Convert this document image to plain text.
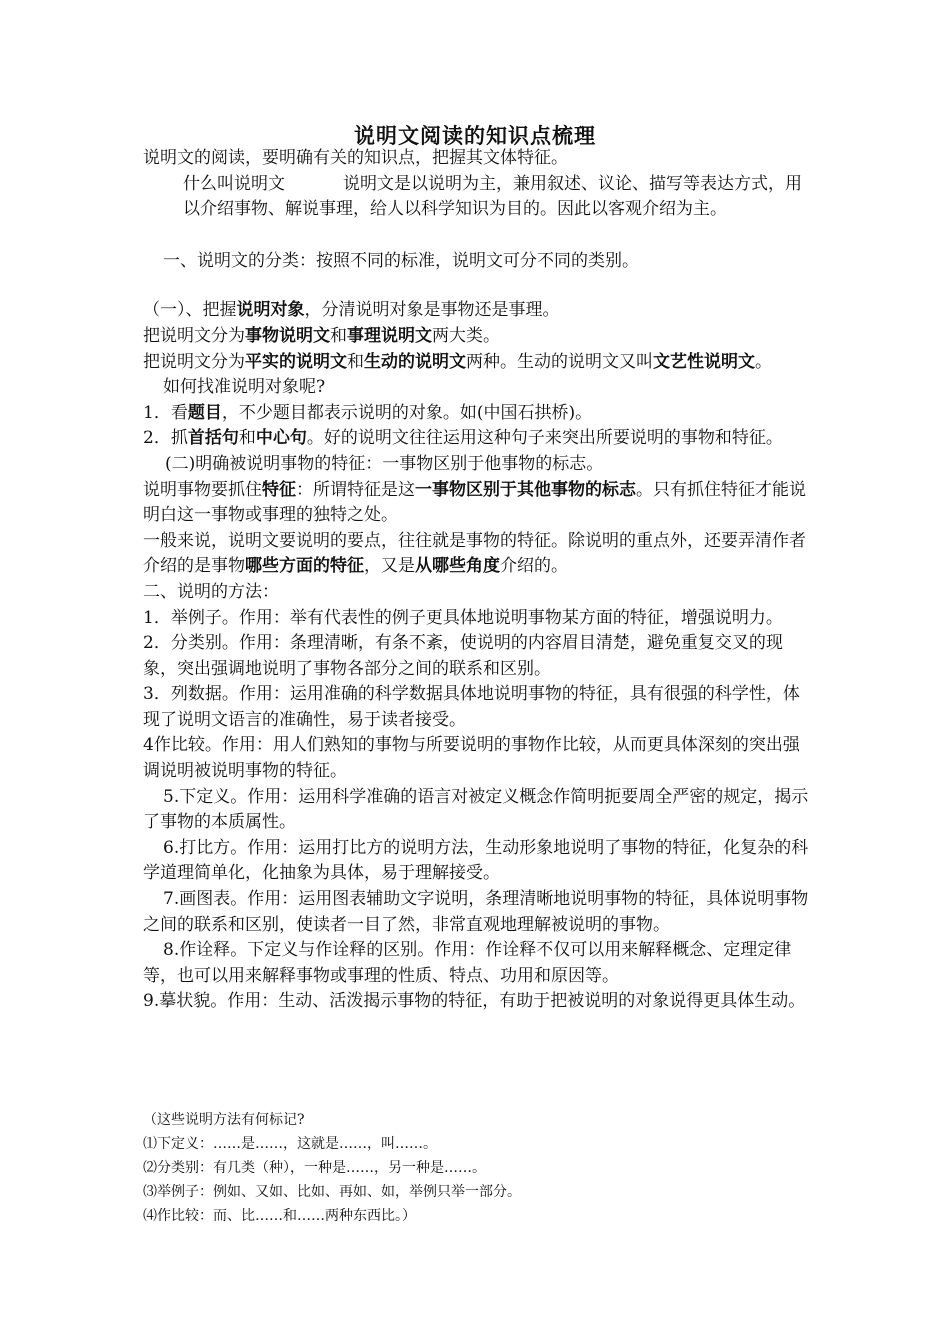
说明文阅读的知识点梳理

说明文的阅读，要明确有关的知识点，把握其文体特征。

什么叫说明文	说明文是以说明为主，兼用叙述、议论、描写等表达方式，用以介绍事物、解说事理，给人以科学知识为目的。因此以客观介绍为主。

一、说明文的分类：按照不同的标准，说明文可分不同的类别。

（一）、把握说明对象，分清说明对象是事物还是事理。

把说明文分为事物说明文和事理说明文两大类。

把说明文分为平实的说明文和生动的说明文两种。生动的说明文又叫文艺性说明文。

如何找准说明对象呢?

1．看题目，不少题目都表示说明的对象。如(中国石拱桥)。

2．抓首括句和中心句。好的说明文往往运用这种句子来突出所要说明的事物和特征。

(二)明确被说明事物的特征：一事物区别于他事物的标志。

说明事物要抓住特征：所谓特征是这一事物区别于其他事物的标志。只有抓住特征才能说明白这一事物或事理的独特之处。

一般来说，说明文要说明的要点，往往就是事物的特征。除说明的重点外，还要弄清作者介绍的是事物哪些方面的特征，又是从哪些角度介绍的。

二、说明的方法：

1．举例子。作用：举有代表性的例子更具体地说明事物某方面的特征，增强说明力。

2．分类别。作用：条理清晰，有条不紊，使说明的内容眉目清楚，避免重复交叉的现象，突出强调地说明了事物各部分之间的联系和区别。

3．列数据。作用：运用准确的科学数据具体地说明事物的特征，具有很强的科学性，体现了说明文语言的准确性，易于读者接受。

4作比较。作用：用人们熟知的事物与所要说明的事物作比较，从而更具体深刻的突出强调说明被说明事物的特征。

5.下定义。作用：运用科学准确的语言对被定义概念作简明扼要周全严密的规定，揭示了事物的本质属性。

6.打比方。作用：运用打比方的说明方法，生动形象地说明了事物的特征，化复杂的科学道理简单化，化抽象为具体，易于理解接受。

7.画图表。作用：运用图表辅助文字说明，条理清晰地说明事物的特征，具体说明事物之间的联系和区别，使读者一目了然，非常直观地理解被说明的事物。

8.作诠释。下定义与作诠释的区别。作用：作诠释不仅可以用来解释概念、定理定律等，也可以用来解释事物或事理的性质、特点、功用和原因等。

9.摹状貌。作用：生动、活泼揭示事物的特征，有助于把被说明的对象说得更具体生动。

（这些说明方法有何标记?

⑴下定义：……是……，这就是……，叫……。

⑵分类别：有几类（种），一种是……，另一种是……。

⑶举例子：例如、又如、比如、再如、如，举例只举一部分。

⑷作比较：而、比……和……两种东西比。）
